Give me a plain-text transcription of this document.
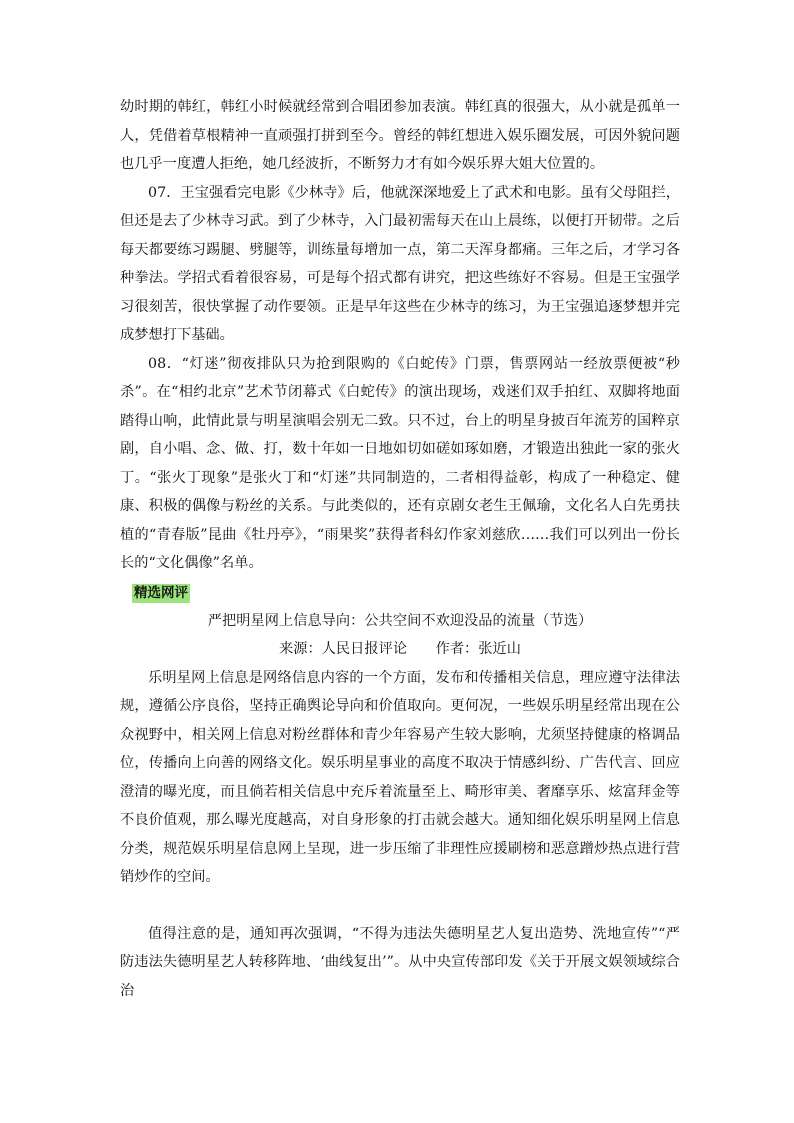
幼时期的韩红，韩红小时候就经常到合唱团参加表演。韩红真的很强大，从小就是孤单一人，凭借着草根精神一直顽强打拼到至今。曾经的韩红想进入娱乐圈发展，可因外貌问题也几乎一度遭人拒绝，她几经波折，不断努力才有如今娱乐界大姐大位置的。

07．王宝强看完电影《少林寺》后，他就深深地爱上了武术和电影。虽有父母阻拦，但还是去了少林寺习武。到了少林寺，入门最初需每天在山上晨练，以便打开韧带。之后每天都要练习踢腿、劈腿等，训练量每增加一点，第二天浑身都痛。三年之后，才学习各种拳法。学招式看着很容易，可是每个招式都有讲究，把这些练好不容易。但是王宝强学习很刻苦，很快掌握了动作要领。正是早年这些在少林寺的练习，为王宝强追逐梦想并完成梦想打下基础。

08．“灯迷”彻夜排队只为抢到限购的《白蛇传》门票，售票网站一经放票便被“秒杀”。在“相约北京”艺术节闭幕式《白蛇传》的演出现场，戏迷们双手拍红、双脚将地面踏得山响，此情此景与明星演唱会别无二致。只不过，台上的明星身披百年流芳的国粹京剧，自小唱、念、做、打，数十年如一日地如切如磋如琢如磨，才锻造出独此一家的张火丁。“张火丁现象”是张火丁和“灯迷”共同制造的，二者相得益彰，构成了一种稳定、健康、积极的偶像与粉丝的关系。与此类似的，还有京剧女老生王佩瑜，文化名人白先勇扶植的“青春版”昆曲《牡丹亭》，“雨果奖”获得者科幻作家刘慈欣……我们可以列出一份长长的“文化偶像”名单。

精选网评

严把明星网上信息导向：公共空间不欢迎没品的流量（节选）

来源：人民日报评论　　作者：张近山

乐明星网上信息是网络信息内容的一个方面，发布和传播相关信息，理应遵守法律法规，遵循公序良俗，坚持正确舆论导向和价值取向。更何况，一些娱乐明星经常出现在公众视野中，相关网上信息对粉丝群体和青少年容易产生较大影响，尤须坚持健康的格调品位，传播向上向善的网络文化。娱乐明星事业的高度不取决于情感纠纷、广告代言、回应澄清的曝光度，而且倘若相关信息中充斥着流量至上、畸形审美、奢靡享乐、炫富拜金等不良价值观，那么曝光度越高，对自身形象的打击就会越大。通知细化娱乐明星网上信息分类，规范娱乐明星信息网上呈现，进一步压缩了非理性应援刷榜和恶意蹭炒热点进行营销炒作的空间。

值得注意的是，通知再次强调，“不得为违法失德明星艺人复出造势、洗地宣传”“严防违法失德明星艺人转移阵地、‘曲线复出’”。从中央宣传部印发《关于开展文娱领域综合治
